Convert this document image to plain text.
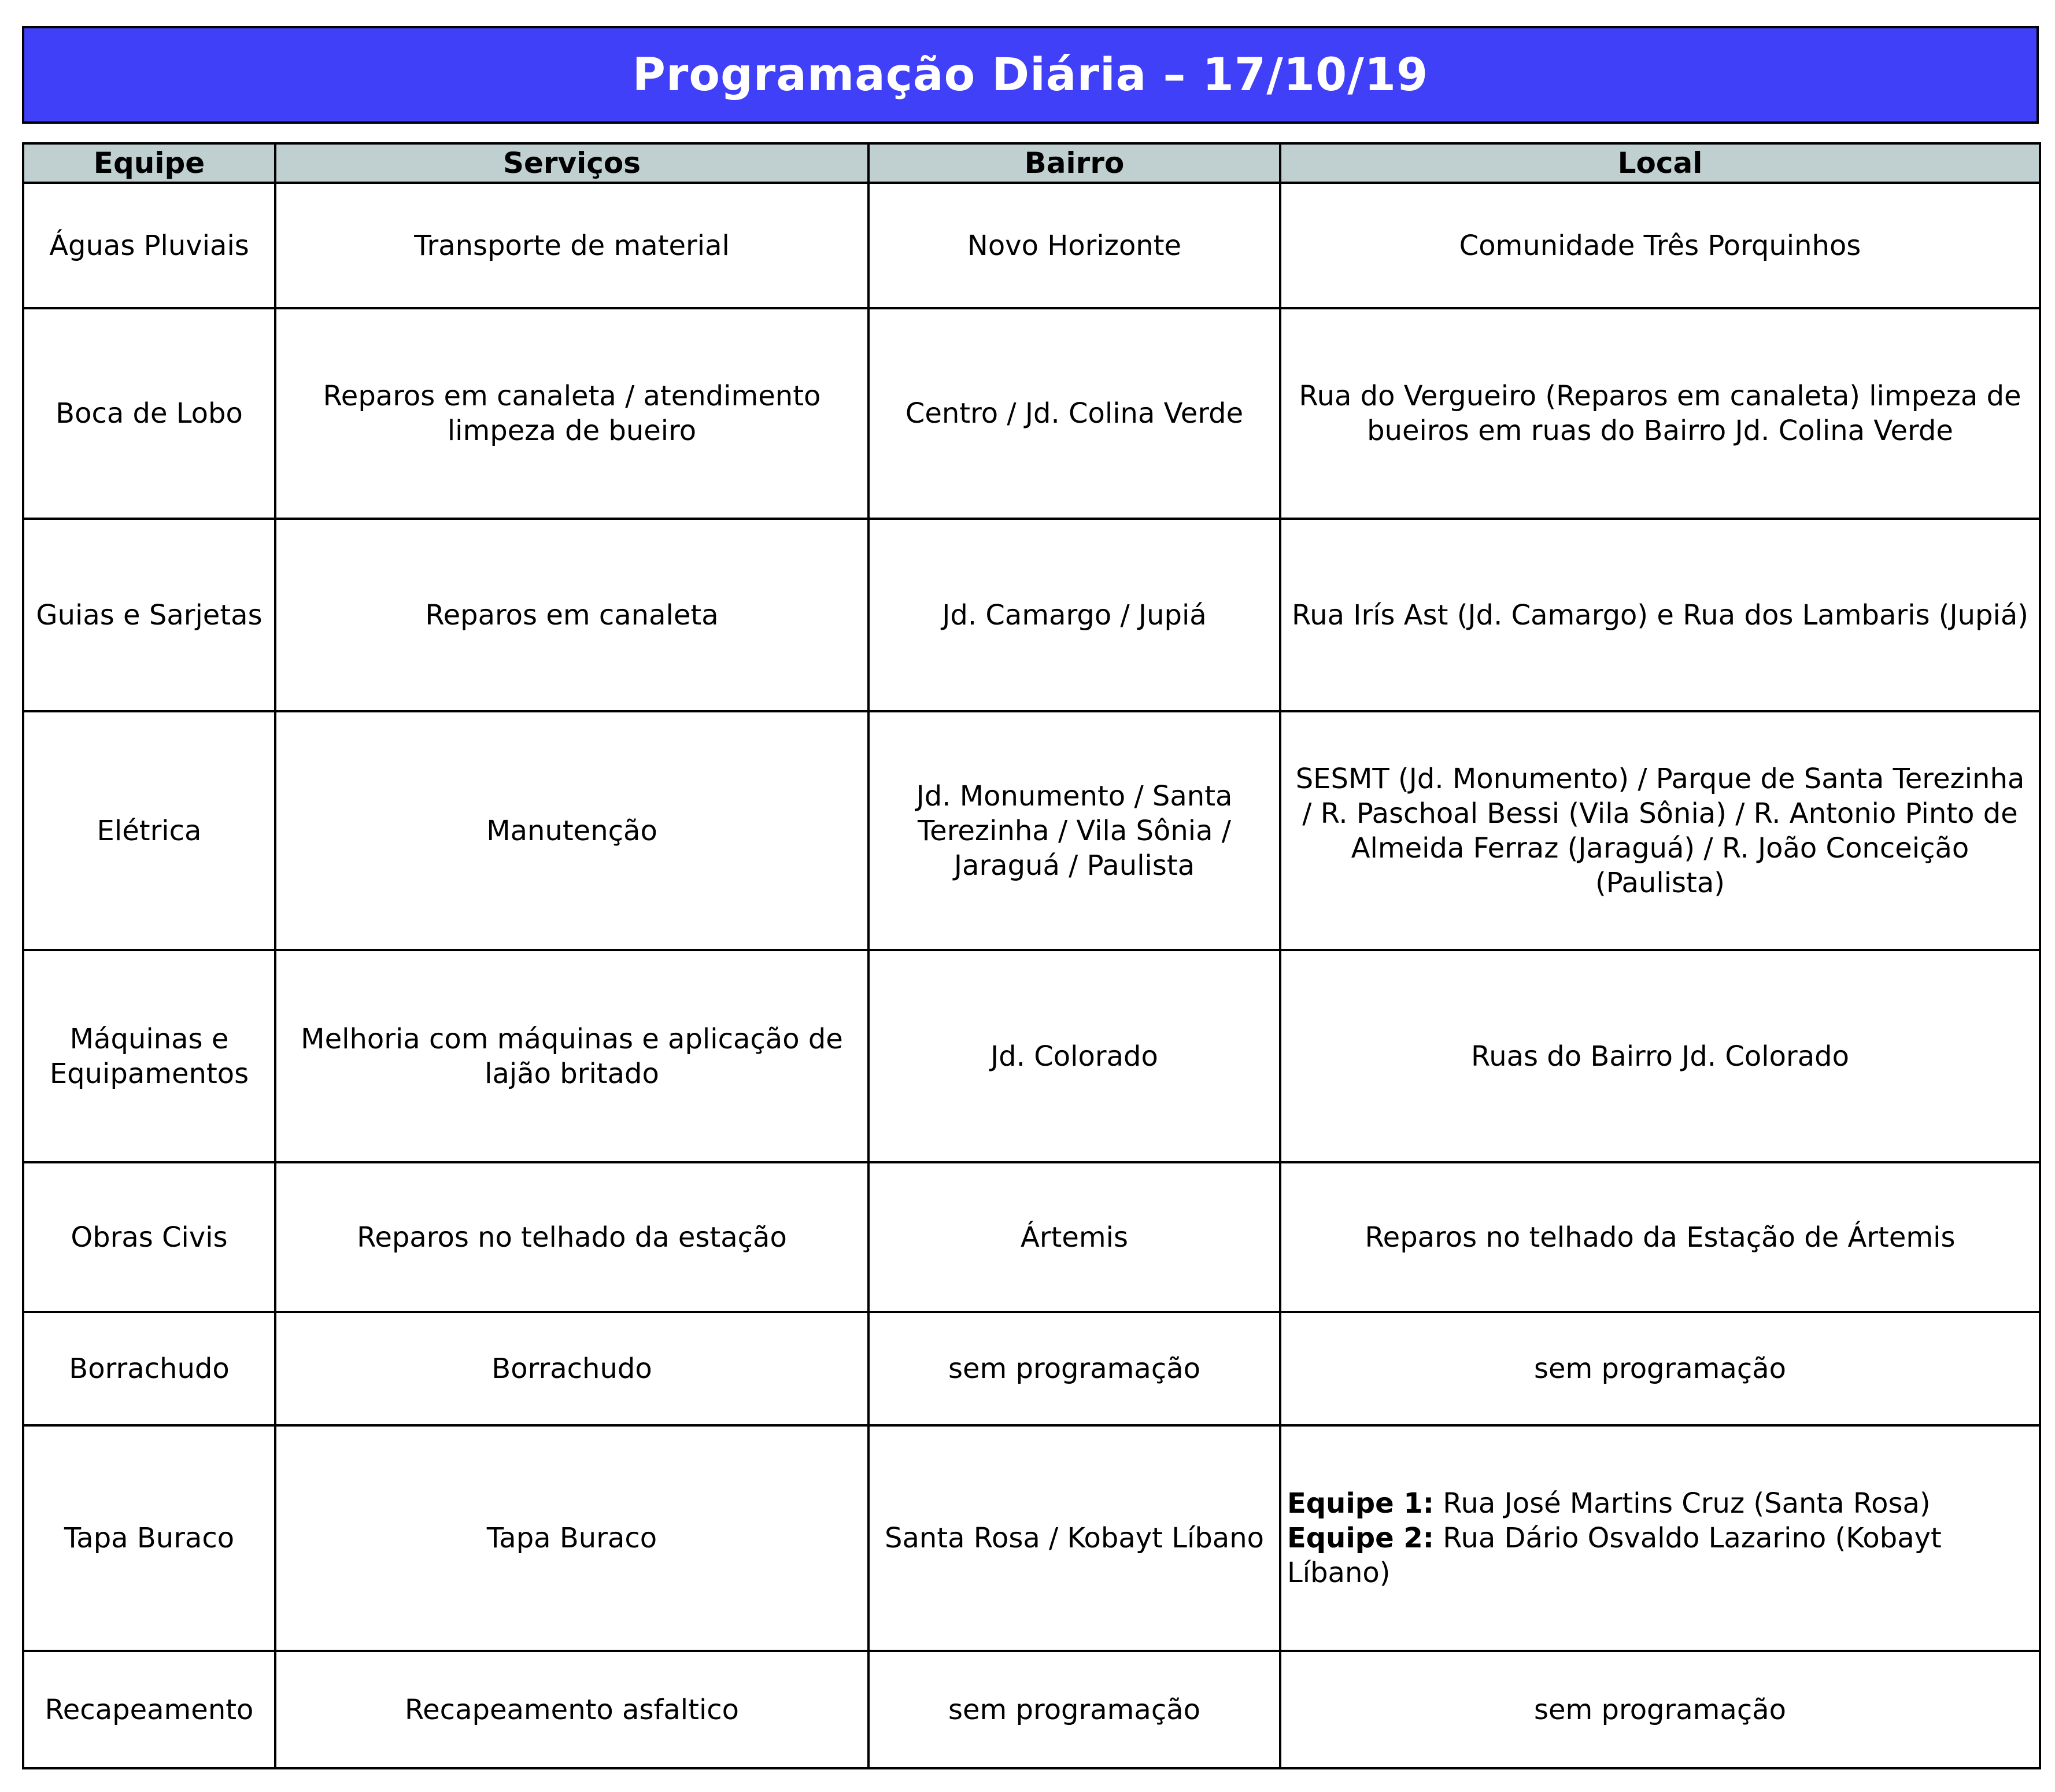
Programação Diária – 17/10/19
Equipe	Serviços	Bairro	Local
Águas Pluviais	Transporte de material	Novo Horizonte	Comunidade Três Porquinhos
Boca de Lobo	Reparos em canaleta / atendimento limpeza de bueiro	Centro / Jd. Colina Verde	Rua do Vergueiro (Reparos em canaleta) limpeza de bueiros em ruas do Bairro Jd. Colina Verde
Guias e Sarjetas	Reparos em canaleta	Jd. Camargo / Jupiá	Rua Irís Ast (Jd. Camargo) e Rua dos Lambaris (Jupiá)
Elétrica	Manutenção	Jd. Monumento / Santa Terezinha / Vila Sônia / Jaraguá / Paulista	SESMT (Jd. Monumento) / Parque de Santa Terezinha / R. Paschoal Bessi (Vila Sônia) / R. Antonio Pinto de Almeida Ferraz (Jaraguá) / R. João Conceição (Paulista)
Máquinas e Equipamentos	Melhoria com máquinas e aplicação de lajão britado	Jd. Colorado	Ruas do Bairro Jd. Colorado
Obras Civis	Reparos no telhado da estação	Ártemis	Reparos no telhado da Estação de Ártemis
Borrachudo	Borrachudo	sem programação	sem programação
Tapa Buraco	Tapa Buraco	Santa Rosa / Kobayt Líbano	Equipe 1: Rua José Martins Cruz (Santa Rosa)
Equipe 2: Rua Dário Osvaldo Lazarino (Kobayt Líbano)

Recapeamento	Recapeamento asfaltico	sem programação	sem programação
